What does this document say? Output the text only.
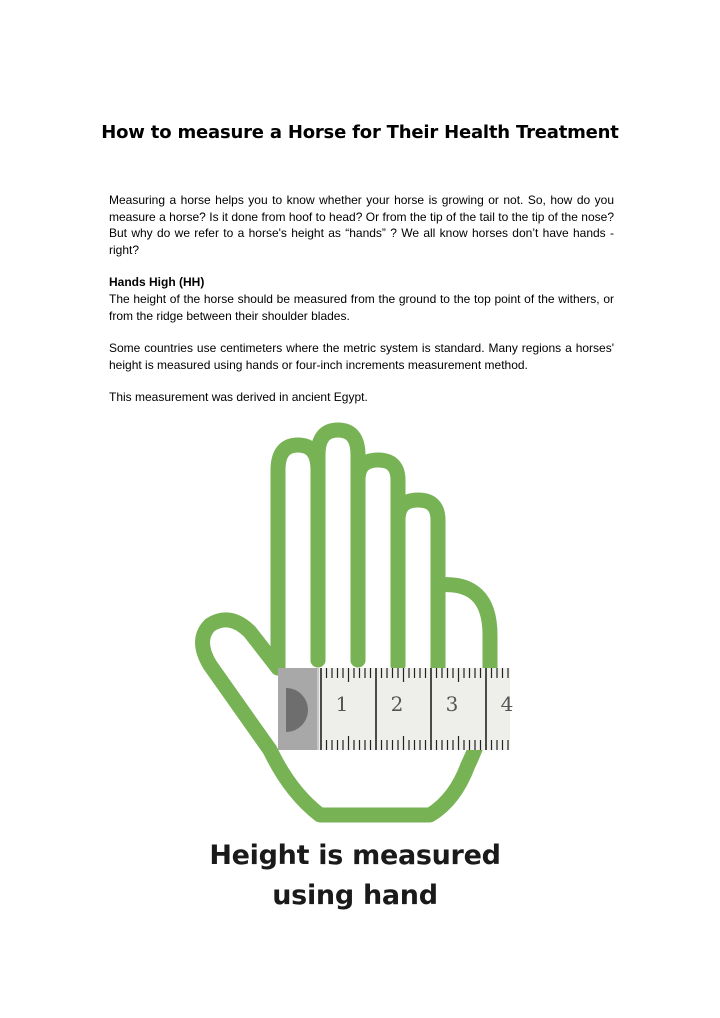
How to measure a Horse for Their Health Treatment

Measuring a horse helps you to know whether your horse is growing or not. So, how do you measure a horse? Is it done from hoof to head? Or from the tip of the tail to the tip of the nose? But why do we refer to a horse's height as “hands” ? We all know horses don’t have hands - right?

Hands High (HH)

The height of the horse should be measured from the ground to the top point of the withers, or from the ridge between their shoulder blades.

Some countries use centimeters where the metric system is standard. Many regions a horses' height is measured using hands or four-inch increments measurement method.

This measurement was derived in ancient Egypt.

1 2 3 4
Height is measured
using hand
